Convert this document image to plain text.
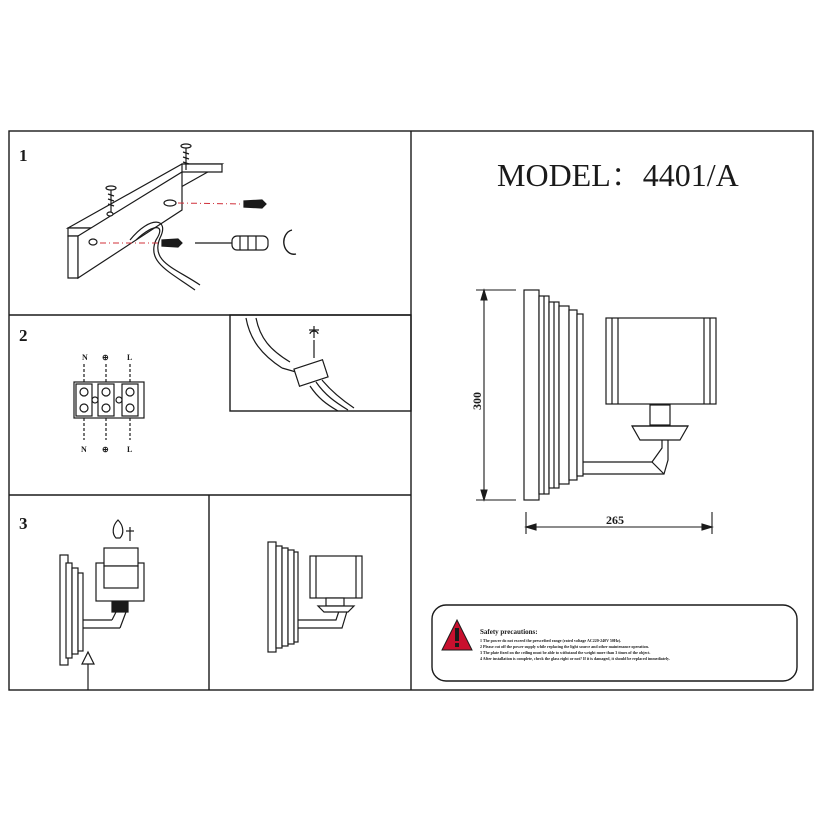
1
2
3
N ⊕ L
N ⊕ L
MODEL：4401/A
300
265
Safety precautions:
1 The power do not exceed the prescribed range (rated voltage AC220-240V 50Hz).
2 Please cut off the power supply while replacing the light source and other maintenance operation.
3 The plate fixed on the ceiling must be able to withstand the weight more than 3 times of the object.
4 After installation is complete, check the glass right or not? If it is damaged, it should be replaced immediately.
